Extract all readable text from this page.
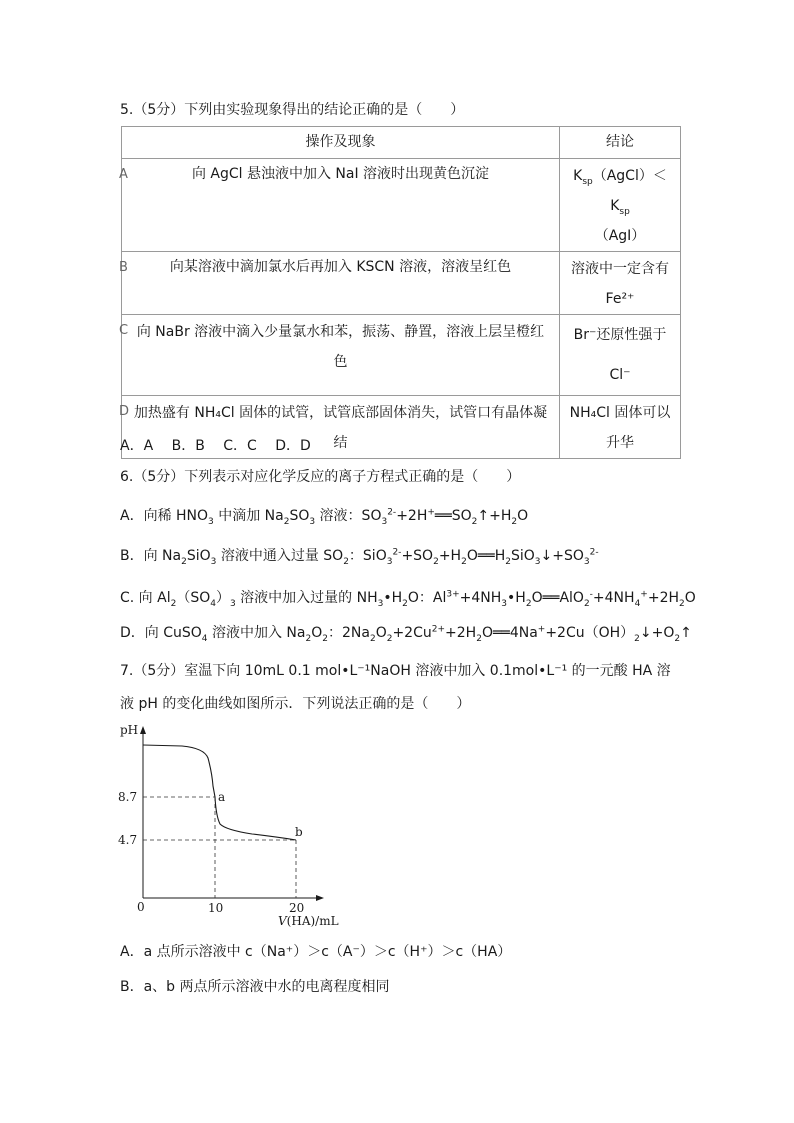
5.（5分）下列由实验现象得出的结论正确的是（　　）
操作及现象	结论

A 向 AgCl 悬浊液中加入 NaI 溶液时出现黄色沉淀	$K_{sp}(AgCl)<K_{sp}$
（AgI）

B 向某溶液中滴加氯水后再加入 KSCN 溶液，溶液呈红色	溶液中一定含有 Fe²⁺

C 向 NaBr 溶液中滴入少量氯水和苯，振荡、静置，溶液上层呈橙红色	Br⁻还原性强于 Cl⁻

D 加热盛有 NH₄Cl 固体的试管，试管底部固体消失，试管口有晶体凝结	NH₄Cl 固体可以升华
A．A　 B．B　 C．C　 D．D
6.（5分）下列表示对应化学反应的离子方程式正确的是（　　）
A．向稀 $HNO_3$ 中滴加 $Na_2SO_3$ 溶液：$SO_3^{2-}+2H^+══SO_2↑+H_2O$
B．向 $Na_2SiO_3$ 溶液中通入过量 $SO_2$：$SiO_3^{2-}+SO_2+H_2O══H_2SiO_3↓+SO_3^{2-}$
C. 向 $Al_2(SO_4)_3$ 溶液中加入过量的 $NH_3•H_2O$：$Al^{3+}+4NH_3•H_2O══AlO_2^-+4NH_4^++2H_2O$
D．向 CuSO$_4$ 溶液中加入 $Na_2O_2$：$2Na_2O_2+2Cu^{2+}+2H_2O══4Na^++2Cu(OH)_2↓+O_2↑$
7.（5分）室温下向 10mL 0.1 mol•L⁻¹NaOH 溶液中加入 0.1mol•L⁻¹ 的一元酸 HA 溶
液 pH 的变化曲线如图所示．下列说法正确的是（　　）
pH
8.7
4.7
a
b
0	10	20
V(HA)/mL
A．a 点所示溶液中 c（Na⁺）＞c（A⁻）＞c（H⁺）＞c（HA）
B．a、b 两点所示溶液中水的电离程度相同
